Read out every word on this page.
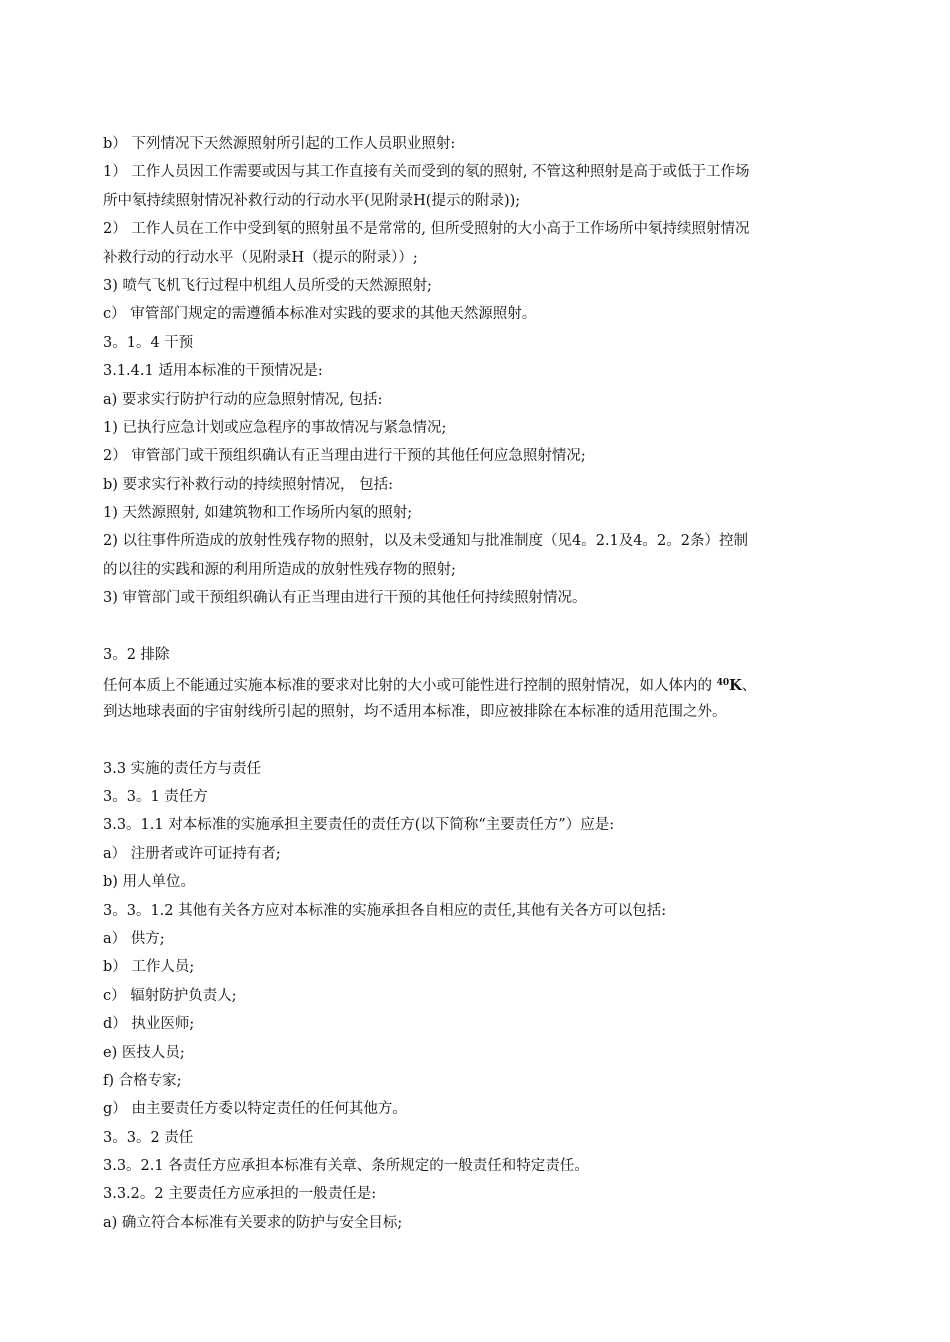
b） 下列情况下天然源照射所引起的工作人员职业照射:
1） 工作人员因工作需要或因与其工作直接有关而受到的氡的照射, 不管这种照射是高于或低于工作场
所中氡持续照射情况补救行动的行动水平(见附录H(提示的附录));
2） 工作人员在工作中受到氡的照射虽不是常常的, 但所受照射的大小高于工作场所中氡持续照射情况
补救行动的行动水平（见附录H（提示的附录））;
3) 喷气飞机飞行过程中机组人员所受的天然源照射;
c） 审管部门规定的需遵循本标准对实践的要求的其他天然源照射。
3。1。4 干预
3.1.4.1 适用本标准的干预情况是:
a) 要求实行防护行动的应急照射情况, 包括:
1) 已执行应急计划或应急程序的事故情况与紧急情况;
2） 审管部门或干预组织确认有正当理由进行干预的其他任何应急照射情况;
b) 要求实行补救行动的持续照射情况， 包括:
1) 天然源照射, 如建筑物和工作场所内氡的照射;
2) 以往事件所造成的放射性残存物的照射，以及未受通知与批准制度（见4。2.1及4。2。2条）控制
的以往的实践和源的利用所造成的放射性残存物的照射;
3) 审管部门或干预组织确认有正当理由进行干预的其他任何持续照射情况。
3。2 排除
任何本质上不能通过实施本标准的要求对比射的大小或可能性进行控制的照射情况，如人体内的 $^{40}$K、
到达地球表面的宇宙射线所引起的照射，均不适用本标准，即应被排除在本标准的适用范围之外。
3.3 实施的责任方与责任
3。3。1 责任方
3.3。1.1 对本标准的实施承担主要责任的责任方(以下简称“主要责任方”）应是:
a） 注册者或许可证持有者;
b) 用人单位。
3。3。1.2 其他有关各方应对本标准的实施承担各自相应的责任,其他有关各方可以包括:
a） 供方;
b） 工作人员;
c） 辐射防护负责人;
d） 执业医师;
e) 医技人员;
f) 合格专家;
g） 由主要责任方委以特定责任的任何其他方。
3。3。2 责任
3.3。2.1 各责任方应承担本标准有关章、条所规定的一般责任和特定责任。
3.3.2。2 主要责任方应承担的一般责任是:
a) 确立符合本标准有关要求的防护与安全目标;
